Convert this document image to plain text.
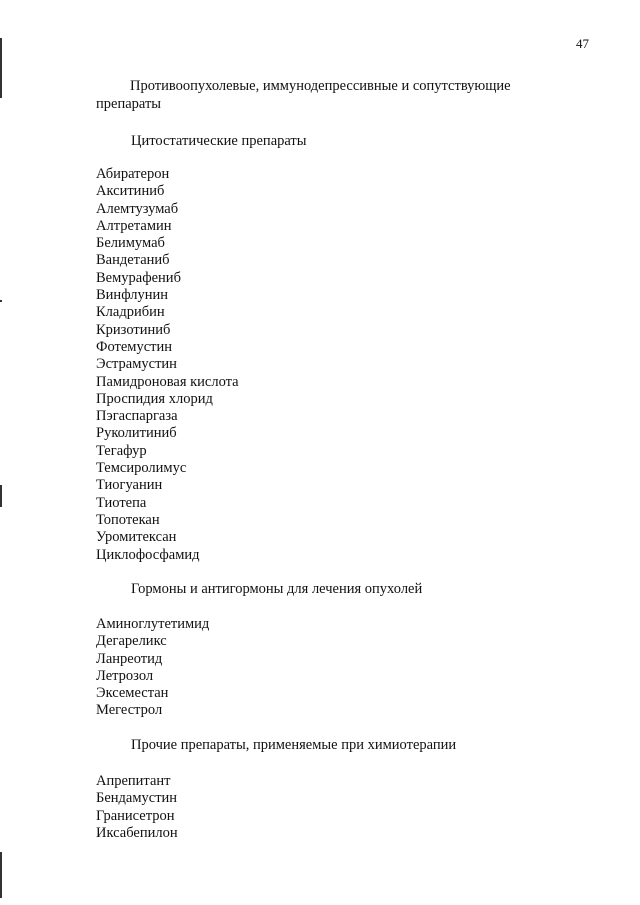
47
Противоопухолевые, иммунодепрессивные и сопутствующие
препараты
Цитостатические препараты
Абиратерон
Акситиниб
Алемтузумаб
Алтретамин
Белимумаб
Вандетаниб
Вемурафениб
Винфлунин
Кладрибин
Кризотиниб
Фотемустин
Эстрамустин
Памидроновая кислота
Проспидия хлорид
Пэгаспаргаза
Руколитиниб
Тегафур
Темсиролимус
Тиогуанин
Тиотепа
Топотекан
Уромитексан
Циклофосфамид
Гормоны и антигормоны для лечения опухолей
Аминоглутетимид
Дегареликс
Ланреотид
Летрозол
Эксеместан
Мегестрол
Прочие препараты, применяемые при химиотерапии
Апрепитант
Бендамустин
Гранисетрон
Иксабепилон
